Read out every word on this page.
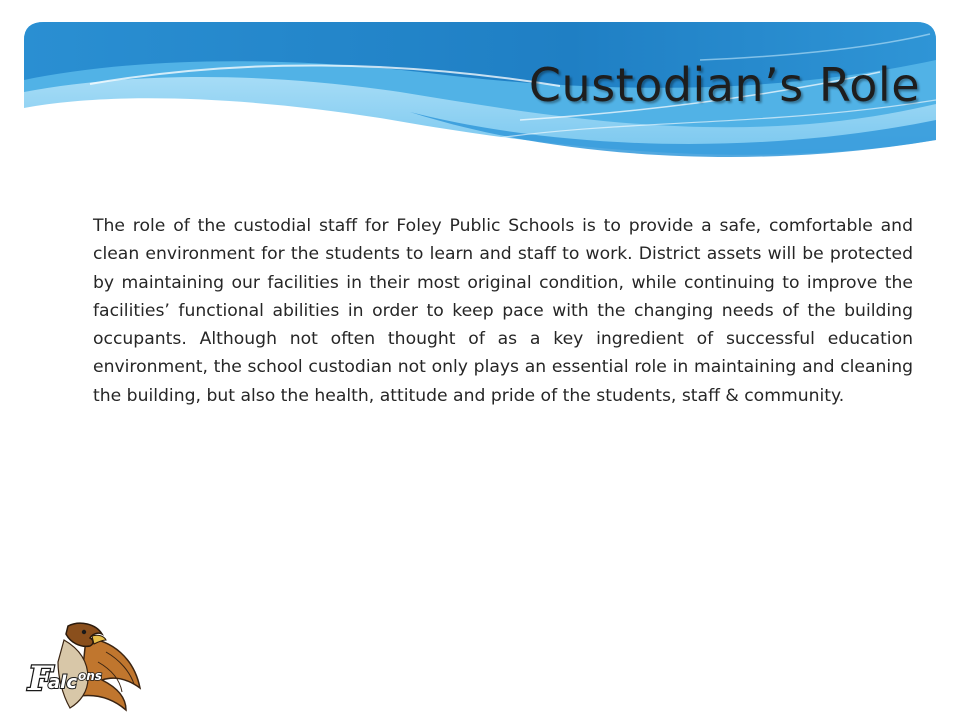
Custodian’s Role

The role of the custodial staff for Foley Public Schools is to provide a safe, comfortable and clean environment for the students to learn and staff to work. District assets will be protected by maintaining our facilities in their most original condition, while continuing to improve the facilities’ functional abilities in order to keep pace with the changing needs of the building occupants. Although not often thought of as a key ingredient of successful education environment, the school custodian not only plays an essential role in maintaining and cleaning the building, but also the health, attitude and pride of the students, staff & community.

F
alc ons
